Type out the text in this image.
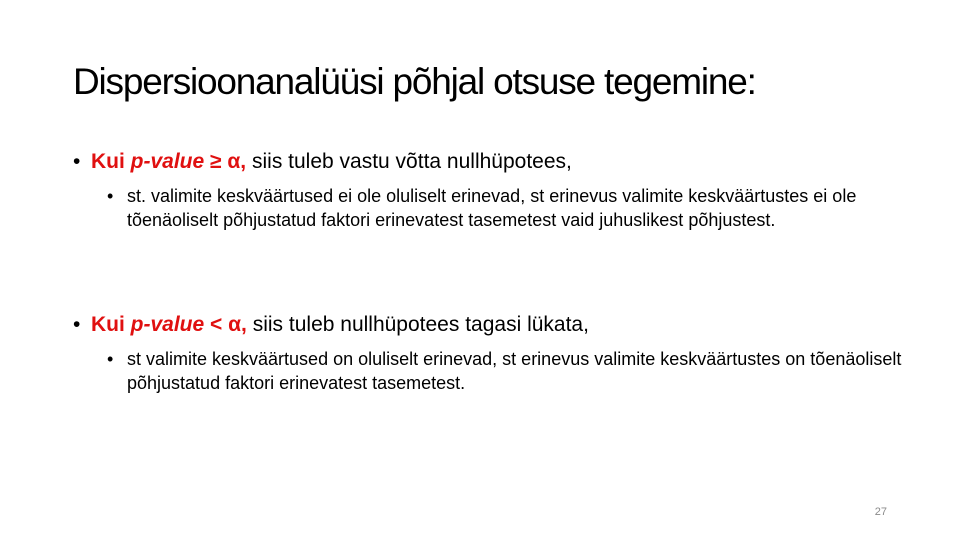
Dispersioonanalüüsi põhjal otsuse tegemine:
• Kui p-value ≥ α, siis tuleb vastu võtta nullhüpotees,
• st. valimite keskväärtused ei ole oluliselt erinevad, st erinevus valimite keskväärtustes ei ole tõenäoliselt põhjustatud faktori erinevatest tasemetest vaid juhuslikest põhjustest.
• Kui p-value < α, siis tuleb nullhüpotees tagasi lükata,
• st valimite keskväärtused on oluliselt erinevad, st erinevus valimite keskväärtustes on tõenäoliselt põhjustatud faktori erinevatest tasemetest.
27
